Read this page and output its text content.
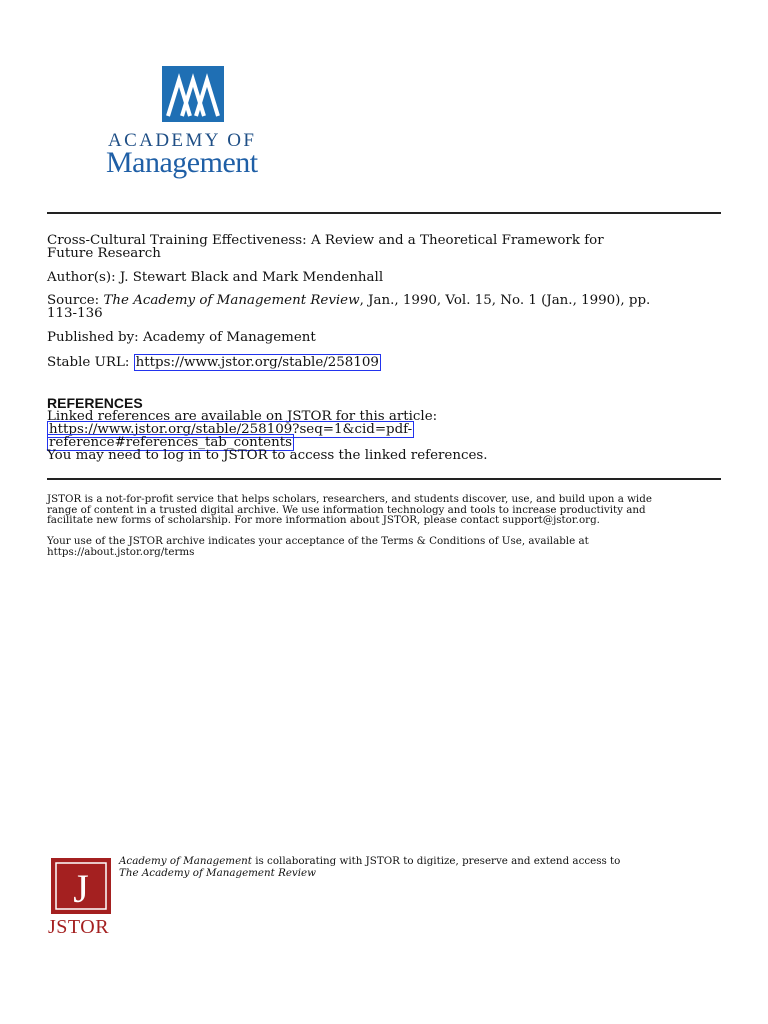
ACADEMY OF
Management
Cross-Cultural Training Effectiveness: A Review and a Theoretical Framework for
Future Research
Author(s): J. Stewart Black and Mark Mendenhall
Source: The Academy of Management Review, Jan., 1990, Vol. 15, No. 1 (Jan., 1990), pp.
113-136
Published by: Academy of Management
Stable URL: https://www.jstor.org/stable/258109
REFERENCES
Linked references are available on JSTOR for this article:
https://www.jstor.org/stable/258109?seq=1&cid=pdf-
reference#references_tab_contents
You may need to log in to JSTOR to access the linked references.
JSTOR is a not-for-profit service that helps scholars, researchers, and students discover, use, and build upon a wide
range of content in a trusted digital archive. We use information technology and tools to increase productivity and
facilitate new forms of scholarship. For more information about JSTOR, please contact support@jstor.org.
Your use of the JSTOR archive indicates your acceptance of the Terms & Conditions of Use, available at
https://about.jstor.org/terms
J
JSTOR
Academy of Management is collaborating with JSTOR to digitize, preserve and extend access to
The Academy of Management Review
